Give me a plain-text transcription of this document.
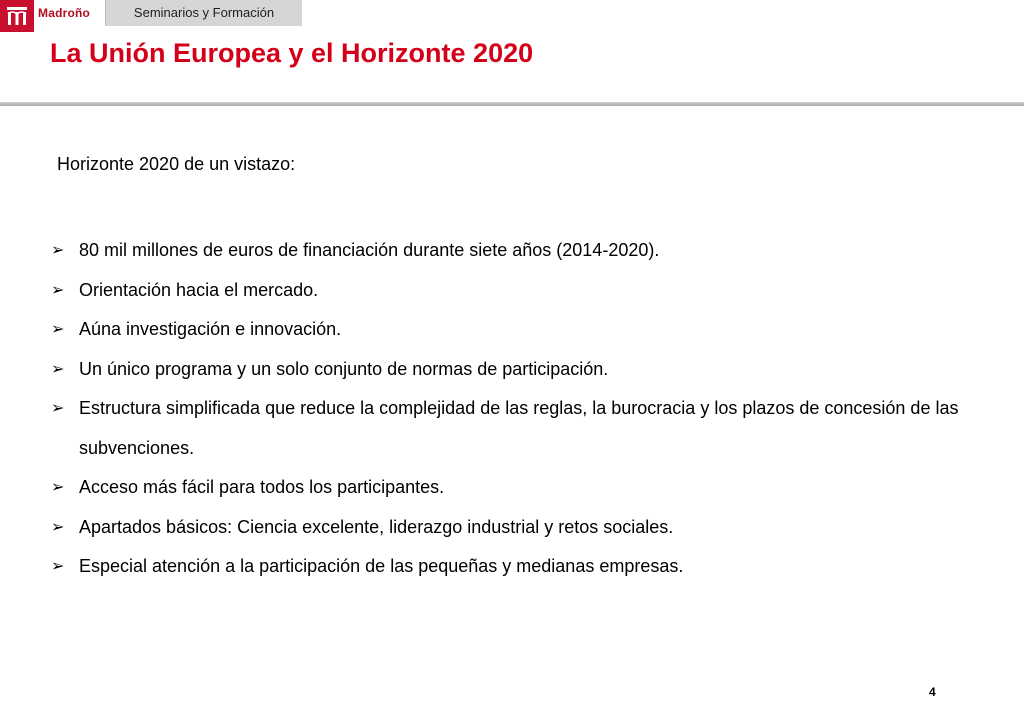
Madroño	Seminarios y Formación
La Unión Europea y el Horizonte 2020
Horizonte 2020 de un vistazo:
➢ 80 mil millones de euros de financiación durante siete años (2014-2020).
➢ Orientación hacia el mercado.
➢ Aúna investigación e innovación.
➢ Un único programa y un solo conjunto de normas de participación.
➢ Estructura simplificada que reduce la complejidad de las reglas, la burocracia y los plazos de concesión de las subvenciones.
➢ Acceso más fácil para todos los participantes.
➢ Apartados básicos: Ciencia excelente, liderazgo industrial y retos sociales.
➢ Especial atención a la participación de las pequeñas y medianas empresas.
4
